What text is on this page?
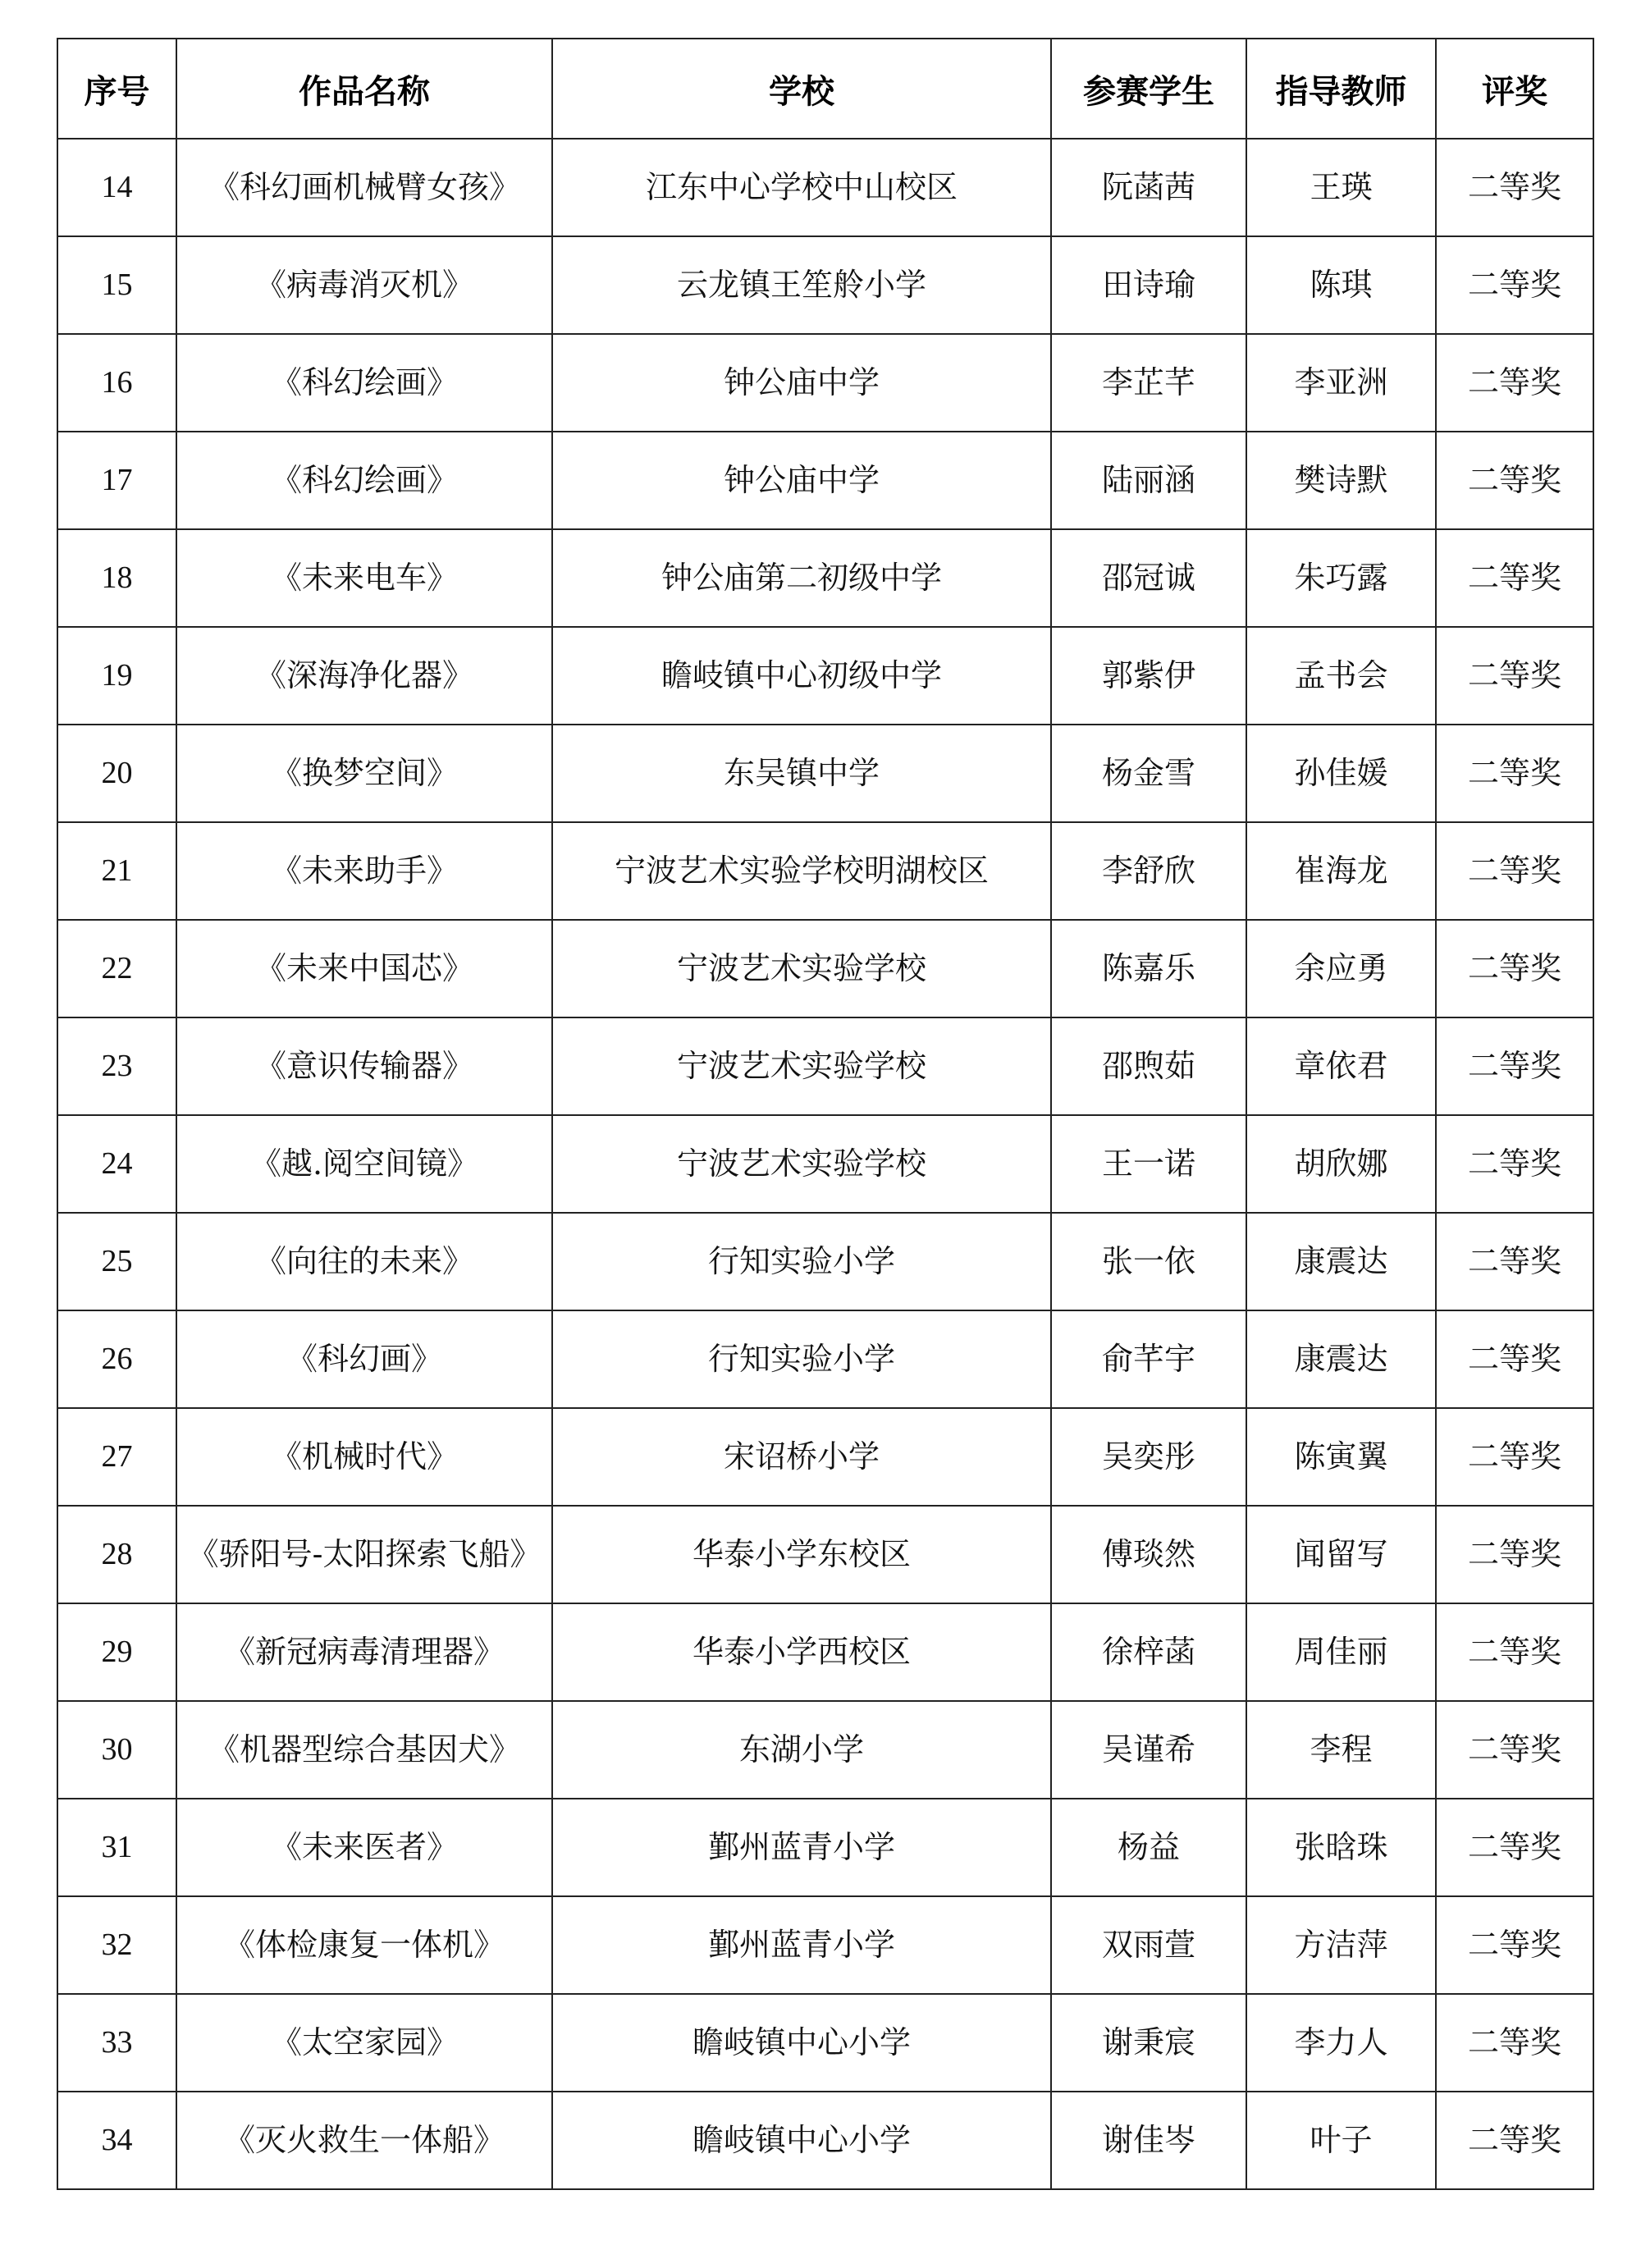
序号	作品名称	学校	参赛学生	指导教师	评奖
14	《科幻画机械臂女孩》	江东中心学校中山校区	阮菡茜	王瑛	二等奖
15	《病毒消灭机》	云龙镇王笙舲小学	田诗瑜	陈琪	二等奖
16	《科幻绘画》	钟公庙中学	李芷芊	李亚洲	二等奖
17	《科幻绘画》	钟公庙中学	陆丽涵	樊诗默	二等奖
18	《未来电车》	钟公庙第二初级中学	邵冠诚	朱巧露	二等奖
19	《深海净化器》	瞻岐镇中心初级中学	郭紫伊	孟书会	二等奖
20	《换梦空间》	东吴镇中学	杨金雪	孙佳媛	二等奖
21	《未来助手》	宁波艺术实验学校明湖校区	李舒欣	崔海龙	二等奖
22	《未来中国芯》	宁波艺术实验学校	陈嘉乐	余应勇	二等奖
23	《意识传输器》	宁波艺术实验学校	邵煦茹	章依君	二等奖
24	《越.阅空间镜》	宁波艺术实验学校	王一诺	胡欣娜	二等奖
25	《向往的未来》	行知实验小学	张一依	康震达	二等奖
26	《科幻画》	行知实验小学	俞芊宇	康震达	二等奖
27	《机械时代》	宋诏桥小学	吴奕彤	陈寅翼	二等奖
28	《骄阳号-太阳探索飞船》	华泰小学东校区	傅琰然	闻留写	二等奖
29	《新冠病毒清理器》	华泰小学西校区	徐梓菡	周佳丽	二等奖
30	《机器型综合基因犬》	东湖小学	吴谨希	李程	二等奖
31	《未来医者》	鄞州蓝青小学	杨益	张晗珠	二等奖
32	《体检康复一体机》	鄞州蓝青小学	双雨萱	方洁萍	二等奖
33	《太空家园》	瞻岐镇中心小学	谢秉宸	李力人	二等奖
34	《灭火救生一体船》	瞻岐镇中心小学	谢佳岑	叶子	二等奖
